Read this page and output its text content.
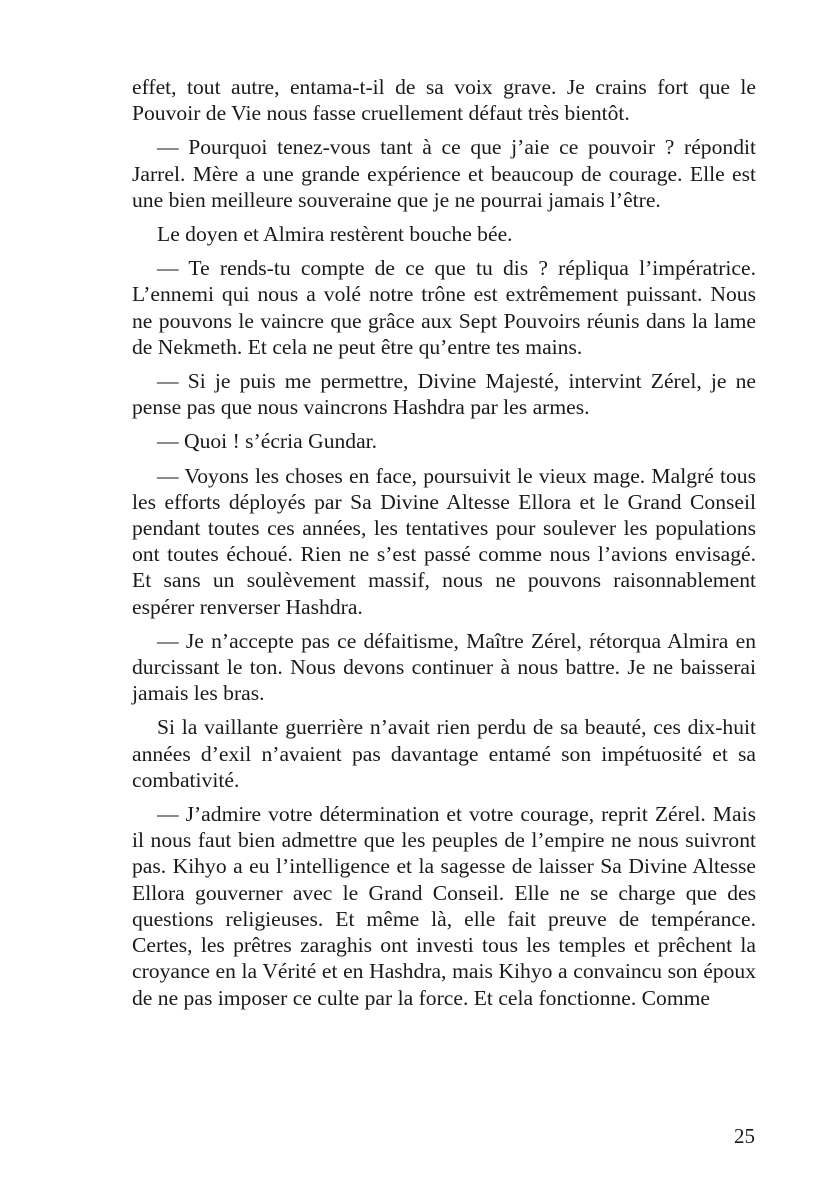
effet, tout autre, entama-t-il de sa voix grave. Je crains fort que le Pouvoir de Vie nous fasse cruellement défaut très bientôt.

— Pourquoi tenez-vous tant à ce que j’aie ce pouvoir ? répondit Jarrel. Mère a une grande expérience et beaucoup de courage. Elle est une bien meilleure souveraine que je ne pourrai jamais l’être.

Le doyen et Almira restèrent bouche bée.

— Te rends-tu compte de ce que tu dis ? répliqua l’impératrice. L’ennemi qui nous a volé notre trône est extrêmement puissant. Nous ne pouvons le vaincre que grâce aux Sept Pouvoirs réunis dans la lame de Nekmeth. Et cela ne peut être qu’entre tes mains.

— Si je puis me permettre, Divine Majesté, intervint Zérel, je ne pense pas que nous vaincrons Hashdra par les armes.

— Quoi ! s’écria Gundar.

— Voyons les choses en face, poursuivit le vieux mage. Malgré tous les efforts déployés par Sa Divine Altesse Ellora et le Grand Conseil pendant toutes ces années, les tentatives pour soulever les populations ont toutes échoué. Rien ne s’est passé comme nous l’avions envisagé. Et sans un soulèvement massif, nous ne pouvons raisonnablement espérer renverser Hashdra.

— Je n’accepte pas ce défaitisme, Maître Zérel, rétorqua Almira en durcissant le ton. Nous devons continuer à nous battre. Je ne baisserai jamais les bras.

Si la vaillante guerrière n’avait rien perdu de sa beauté, ces dix-huit années d’exil n’avaient pas davantage entamé son impétuosité et sa combativité.

— J’admire votre détermination et votre courage, reprit Zérel. Mais il nous faut bien admettre que les peuples de l’empire ne nous suivront pas. Kihyo a eu l’intelligence et la sagesse de laisser Sa Divine Altesse Ellora gouverner avec le Grand Conseil. Elle ne se charge que des questions religieuses. Et même là, elle fait preuve de tempérance. Certes, les prêtres zaraghis ont investi tous les temples et prêchent la croyance en la Vérité et en Hashdra, mais Kihyo a convaincu son époux de ne pas imposer ce culte par la force. Et cela fonctionne. Comme

25
